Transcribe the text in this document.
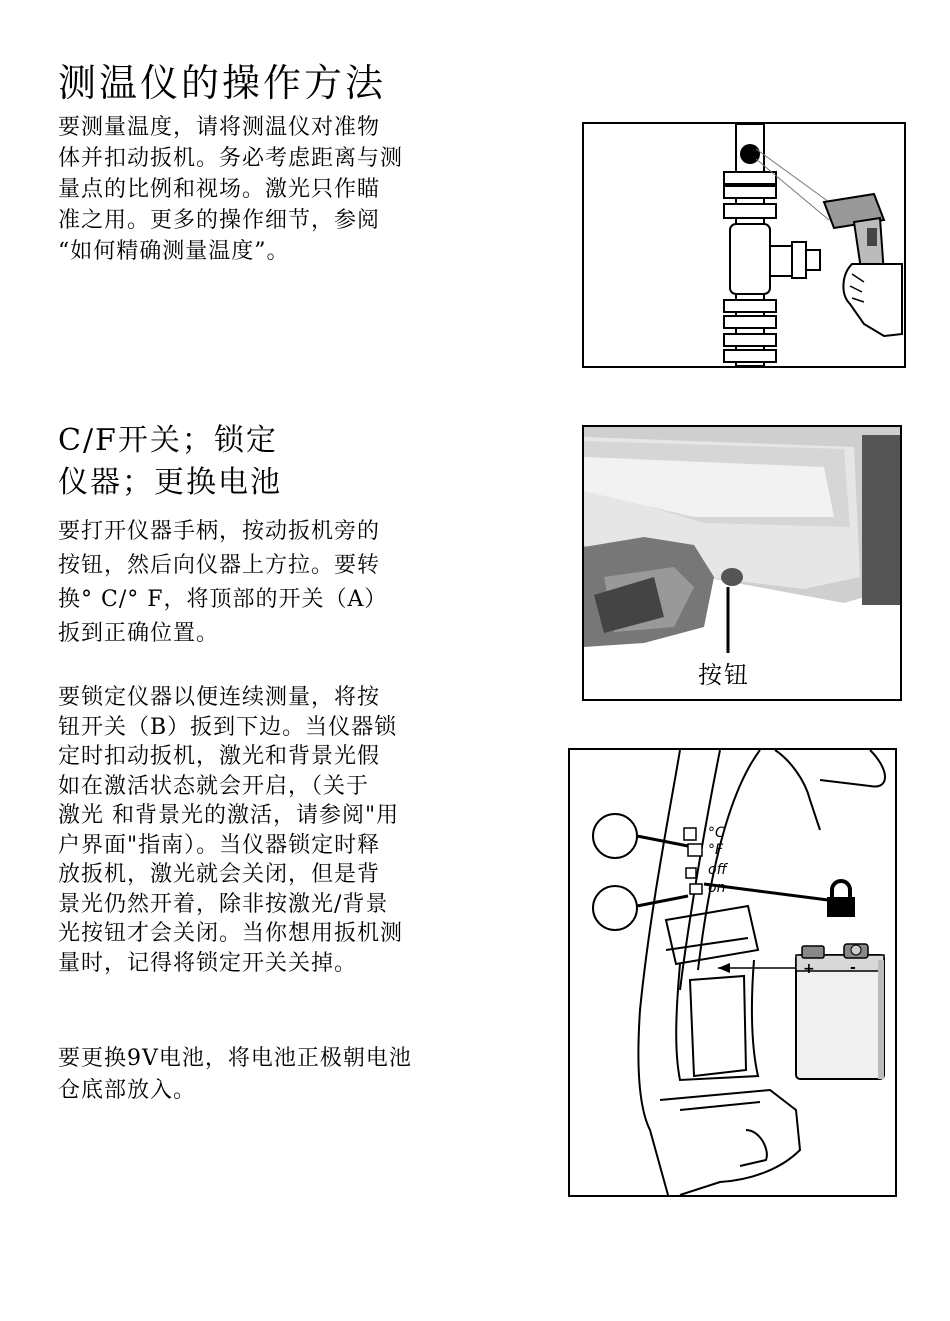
测温仪的操作方法

要测量温度，请将测温仪对准物
体并扣动扳机。务必考虑距离与测
量点的比例和视场。激光只作瞄
准之用。更多的操作细节，参阅
“如何精确测量温度”。

C/F开关；锁定
仪器；更换电池

要打开仪器手柄，按动扳机旁的
按钮，然后向仪器上方拉。要转
换° C/° F，将顶部的开关（A）
扳到正确位置。

要锁定仪器以便连续测量，将按
钮开关（B）扳到下边。当仪器锁
定时扣动扳机，激光和背景光假
如在激活状态就会开启，（关于
激光 和背景光的激活，请参阅"用
户界面"指南）。当仪器锁定时释
放扳机，激光就会关闭，但是背
景光仍然开着，除非按激光/背景
光按钮才会关闭。当你想用扳机测
量时，记得将锁定开关关掉。

要更换9V电池，将电池正极朝电池
仓底部放入。

按钮
°C
°F
off
on
+	-
